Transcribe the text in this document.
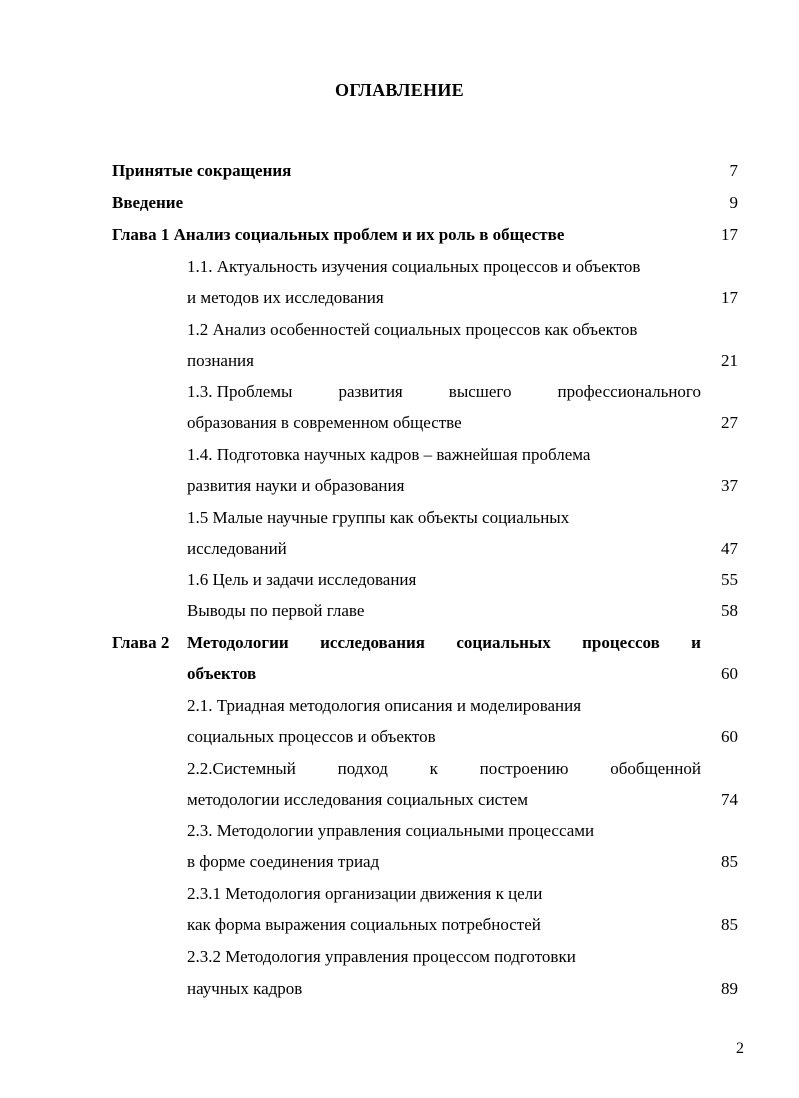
ОГЛАВЛЕНИЕ
Принятые сокращения	7
Введение	9
Глава 1 Анализ социальных проблем и их роль в обществе	17
1.1. Актуальность изучения социальных процессов и объектов
и методов их исследования	17
1.2 Анализ особенностей социальных процессов как объектов
познания	21
1.3. Проблемы	развития	высшего	профессионального
образования в современном обществе	27
1.4. Подготовка научных кадров – важнейшая проблема
развития науки и образования	37
1.5 Малые научные группы как объекты социальных
исследований	47
1.6 Цель и задачи исследования	55
Выводы по первой главе	58
Глава 2 Методологии исследования социальных процессов и
объектов	60
2.1. Триадная методология описания и моделирования
социальных процессов и объектов	60
2.2.Системный подход к построению обобщенной
методологии исследования социальных систем	74
2.3. Методологии управления социальными процессами
в форме соединения триад	85
2.3.1 Методология организации движения к цели
как форма выражения социальных потребностей	85
2.3.2 Методология управления процессом подготовки
научных кадров	89
2
